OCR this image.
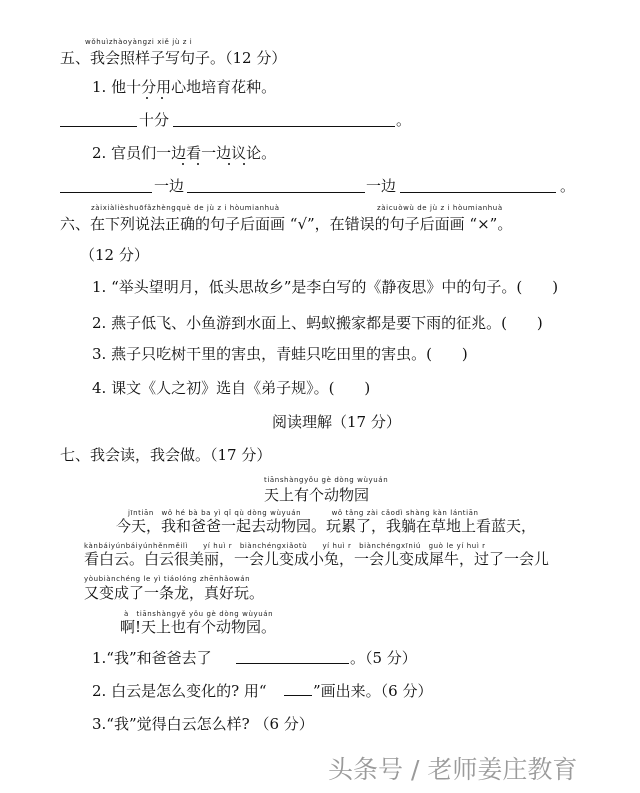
wǒhuìzhàoyàngzi xiě jù z i
五、我会照样子写句子。（12 分）
1. 他十分用心地培育花种。
十分	。
2. 官员们一边看一边议论。
一边	一边	。
zàixiàlièshuōfǎzhèngquè de jù z i hòumianhuà	zàicuòwù de jù z i hòumianhuà
六、在下列说法正确的句子后面画 “√”，在错误的句子后面画 “×”。
（12 分）
1. “举头望明月，低头思故乡”是李白写的《静夜思》中的句子。(　　)
2. 燕子低飞、小鱼游到水面上、蚂蚁搬家都是要下雨的征兆。(　　)
3. 燕子只吃树干里的害虫，青蛙只吃田里的害虫。(　　)
4. 课文《人之初》选自《弟子规》。(　　)
阅读理解（17 分）
七、我会读，我会做。（17 分）
tiānshàngyǒu gè dòng wùyuán
天上有个动物园
jīntiān　wǒ hé bà ba yì qǐ qù dòng wùyuán　　　　wǒ tǎng zài cǎodì shàng kàn lántiān
今天，我和爸爸一起去动物园。玩累了，我躺在草地上看蓝天，
kànbáiyúnbáiyúnhěnměilì　　yí huì r　biànchéngxiǎotù　　yí huì r　biànchéngxīniú　guò le yí huì r
看白云。白云很美丽，一会儿变成小兔，一会儿变成犀牛，过了一会儿
yòubiànchéng le yì tiáolóng zhēnhǎowán
又变成了一条龙，真好玩。
à　tiānshàngyě yǒu gè dòng wùyuán
啊!天上也有个动物园。
1.“我”和爸爸去了	。（5 分）
2. 白云是怎么变化的? 用“	”画出来。（6 分）
3.“我”觉得白云怎么样? （6 分）
头条号 / 老师姜庄教育
